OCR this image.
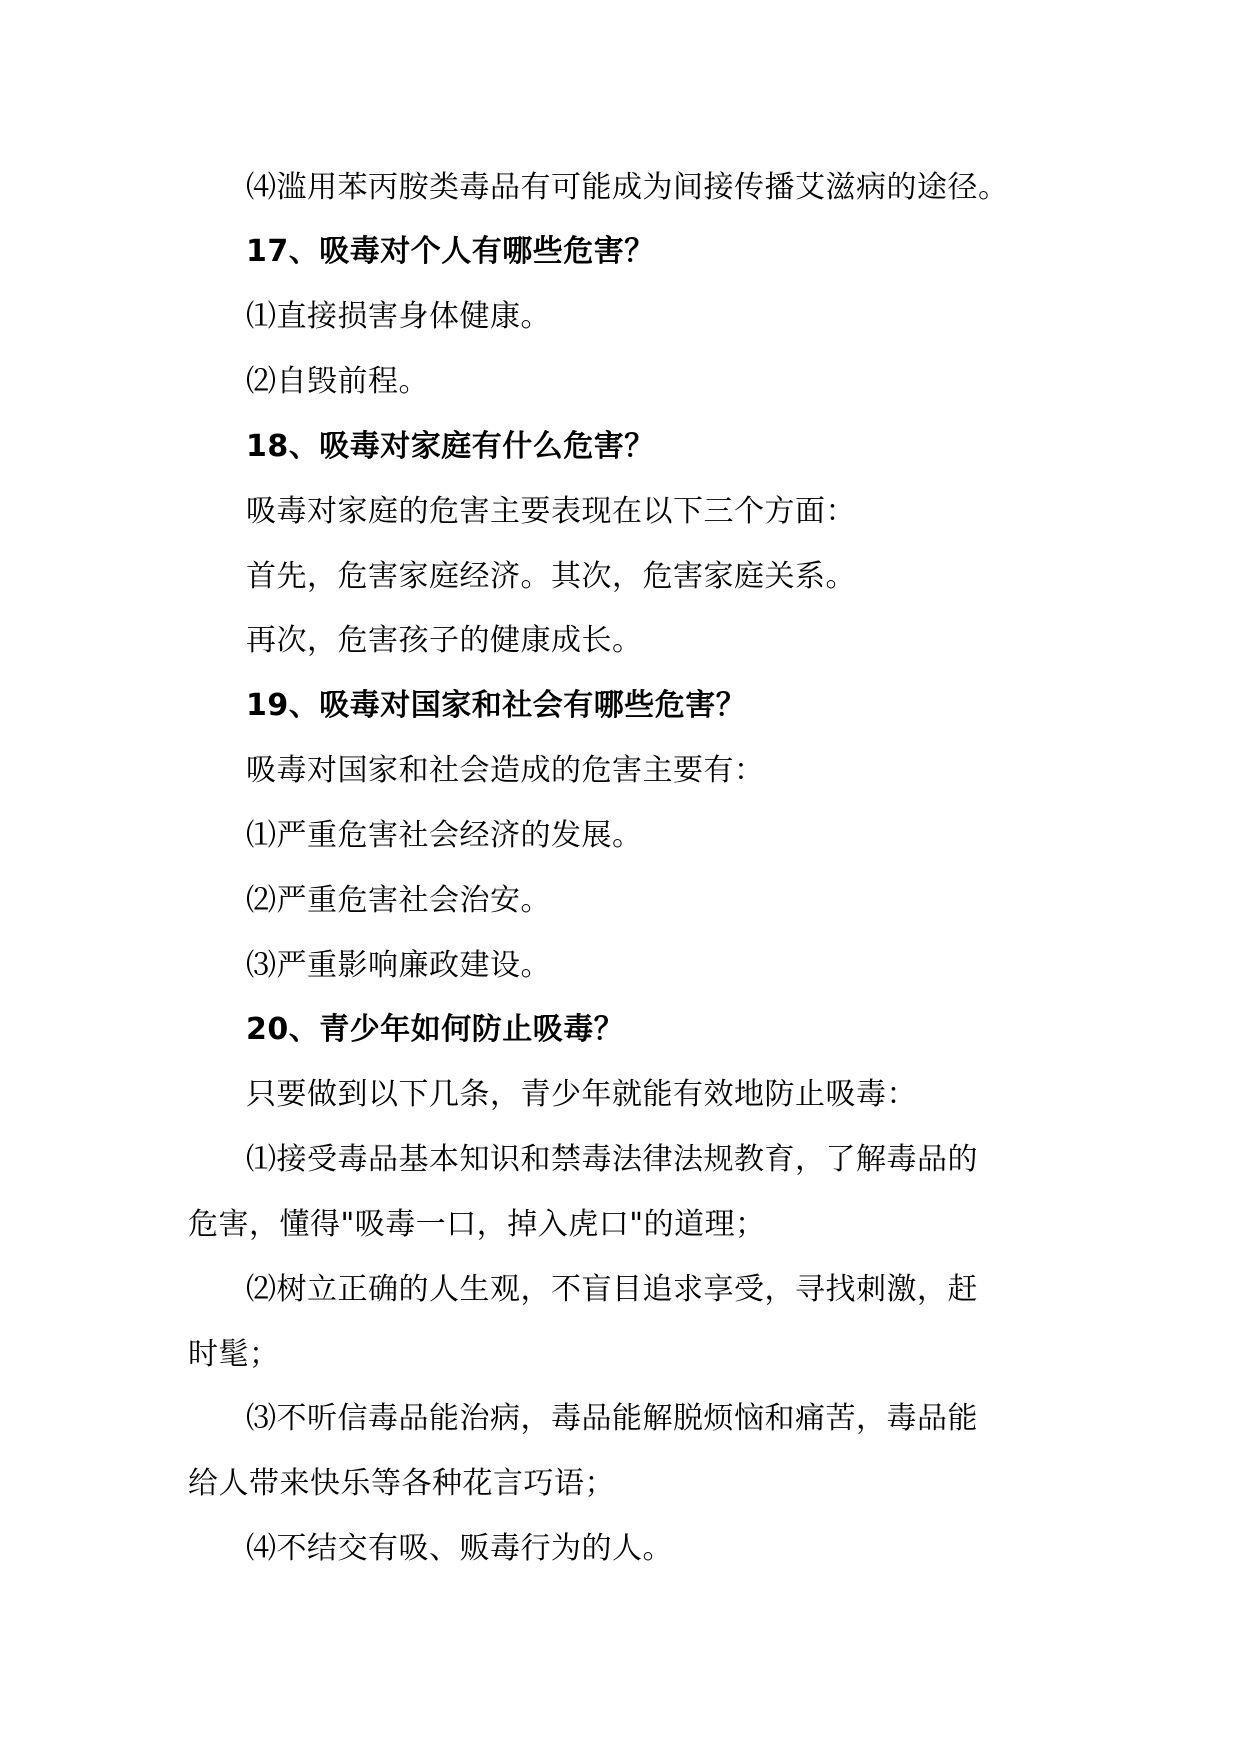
⑷滥用苯丙胺类毒品有可能成为间接传播艾滋病的途径。
17、吸毒对个人有哪些危害？
⑴直接损害身体健康。
⑵自毁前程。
18、吸毒对家庭有什么危害？
吸毒对家庭的危害主要表现在以下三个方面：
首先，危害家庭经济。其次，危害家庭关系。
再次，危害孩子的健康成长。
19、吸毒对国家和社会有哪些危害？
吸毒对国家和社会造成的危害主要有：
⑴严重危害社会经济的发展。
⑵严重危害社会治安。
⑶严重影响廉政建设。
20、青少年如何防止吸毒？
只要做到以下几条，青少年就能有效地防止吸毒：
⑴接受毒品基本知识和禁毒法律法规教育，了解毒品的
危害，懂得"吸毒一口，掉入虎口"的道理；
⑵树立正确的人生观，不盲目追求享受，寻找刺激，赶
时髦；
⑶不听信毒品能治病，毒品能解脱烦恼和痛苦，毒品能
给人带来快乐等各种花言巧语；
⑷不结交有吸、贩毒行为的人。
